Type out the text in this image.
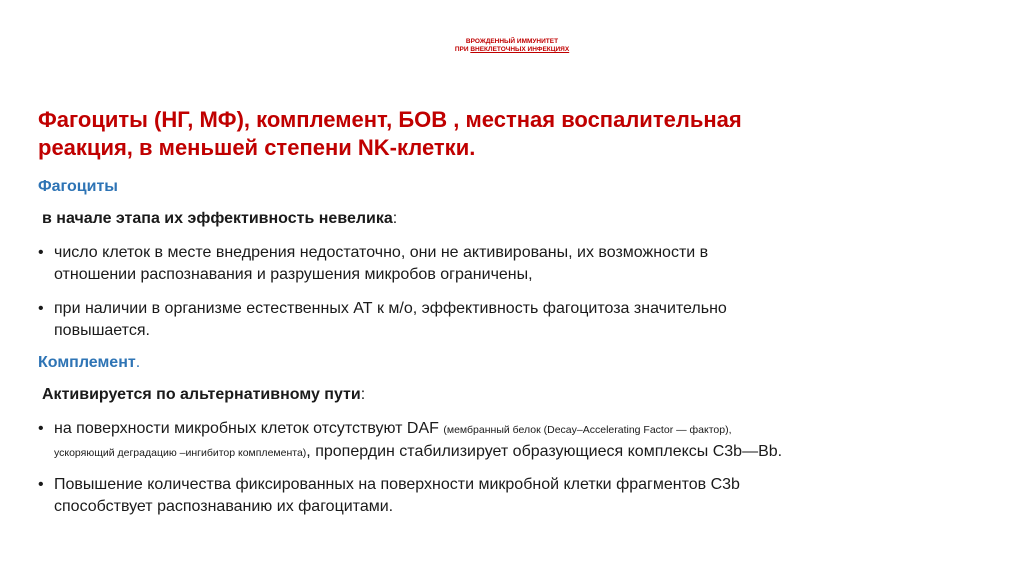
ВРОЖДЕННЫЙ ИММУНИТЕТ
ПРИ ВНЕКЛЕТОЧНЫХ ИНФЕКЦИЯХ
Фагоциты (НГ, МФ), комплемент, БОВ , местная воспалительная
реакция, в меньшей степени NK-клетки.
Фагоциты
в начале этапа их эффективность невелика:
• число клеток в месте внедрения недостаточно, они не активированы, их возможности в
отношении распознавания и разрушения микробов ограничены,
• при наличии в организме естественных АТ к м/о, эффективность фагоцитоза значительно
повышается.
Комплемент.
Активируется по альтернативному пути:
• на поверхности микробных клеток отсутствуют DAF (мембранный белок (Decay–Accelerating Factor — фактор),
ускоряющий деградацию –ингибитор комплемента), пропердин стабилизирует образующиеся комплексы C3b—Bb.
• Повышение количества фиксированных на поверхности микробной клетки фрагментов C3b
способствует распознаванию их фагоцитами.
